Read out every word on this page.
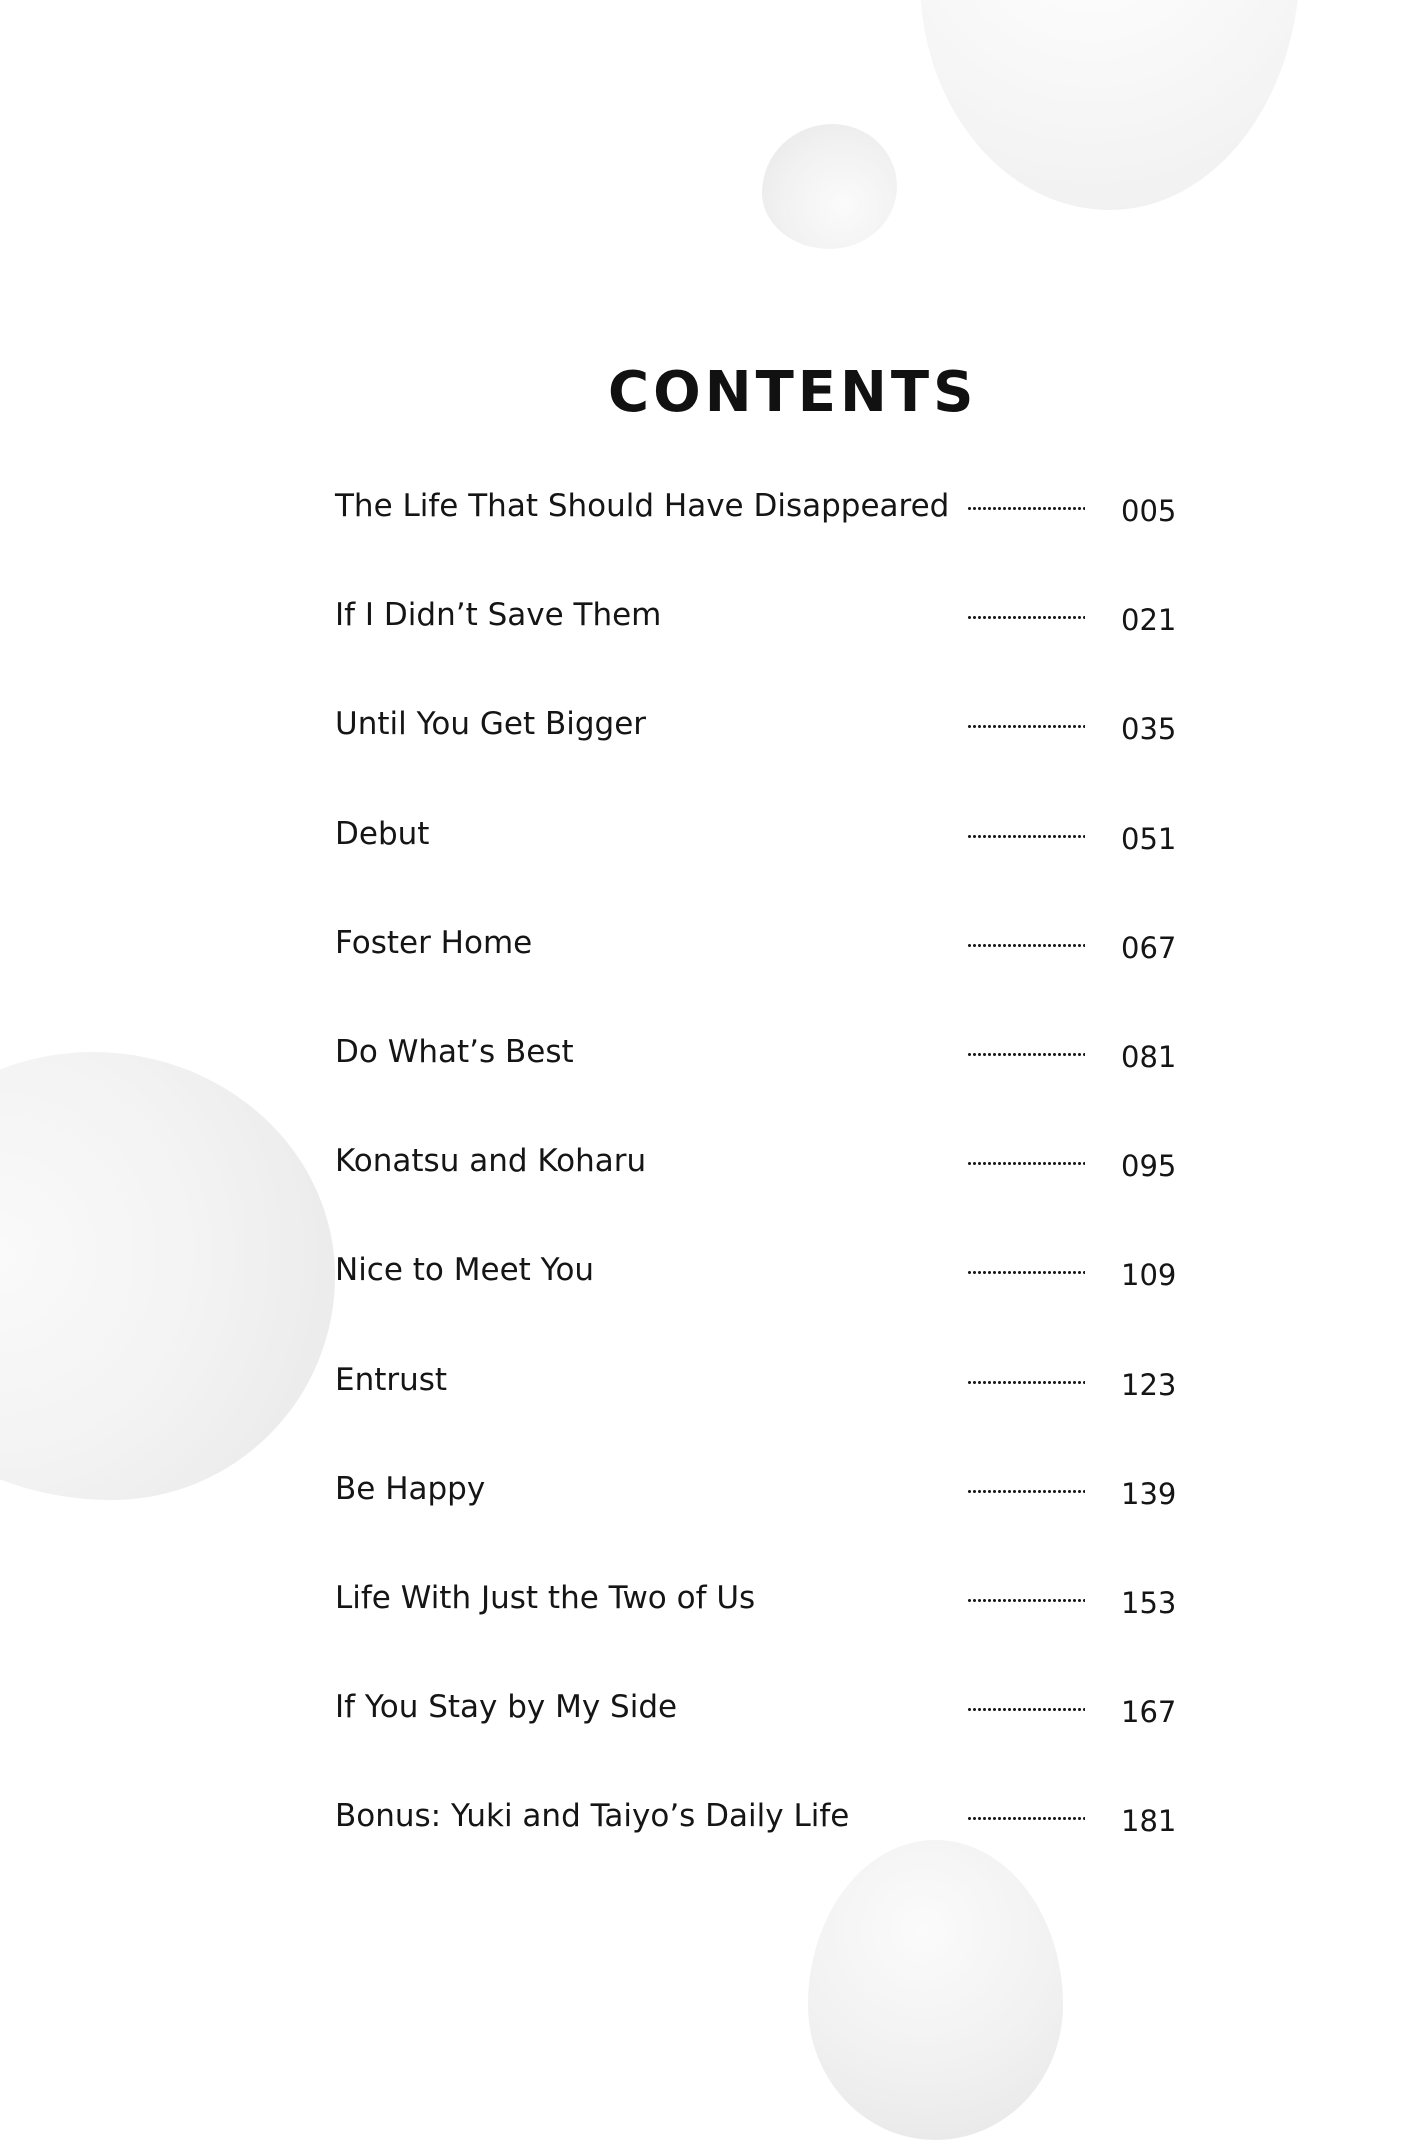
CONTENTS
The Life That Should Have Disappeared	005
If I Didn’t Save Them	021
Until You Get Bigger	035
Debut	051
Foster Home	067
Do What’s Best	081
Konatsu and Koharu	095
Nice to Meet You	109
Entrust	123
Be Happy	139
Life With Just the Two of Us	153
If You Stay by My Side	167
Bonus: Yuki and Taiyo’s Daily Life	181
